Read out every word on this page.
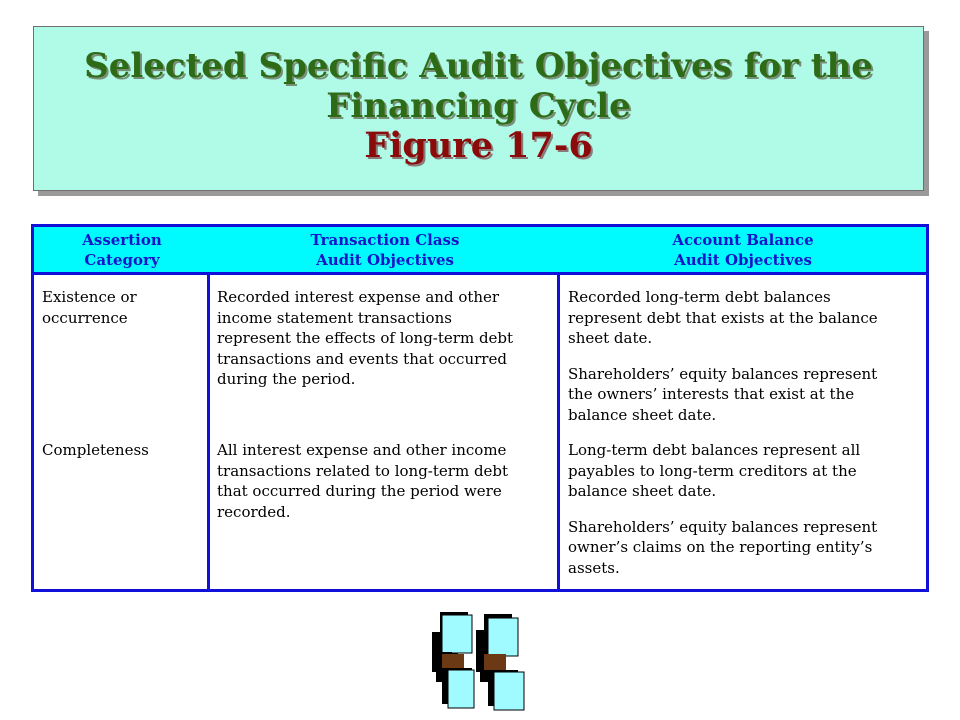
Selected Specific Audit Objectives for the
Financing Cycle
Figure 17-6
Assertion
Category
Transaction Class
Audit Objectives
Account Balance
Audit Objectives
Existence or
occurrence
Recorded interest expense and other
income statement transactions
represent the effects of long-term debt
transactions and events that occurred
during the period.

Recorded long-term debt balances
represent debt that exists at the balance
sheet date.

Shareholders’ equity balances represent
the owners’ interests that exist at the
balance sheet date.

Completeness	All interest expense and other income
transactions related to long-term debt
that occurred during the period were
recorded.

Long-term debt balances represent all
payables to long-term creditors at the
balance sheet date.

Shareholders’ equity balances represent
owner’s claims on the reporting entity’s
assets.
